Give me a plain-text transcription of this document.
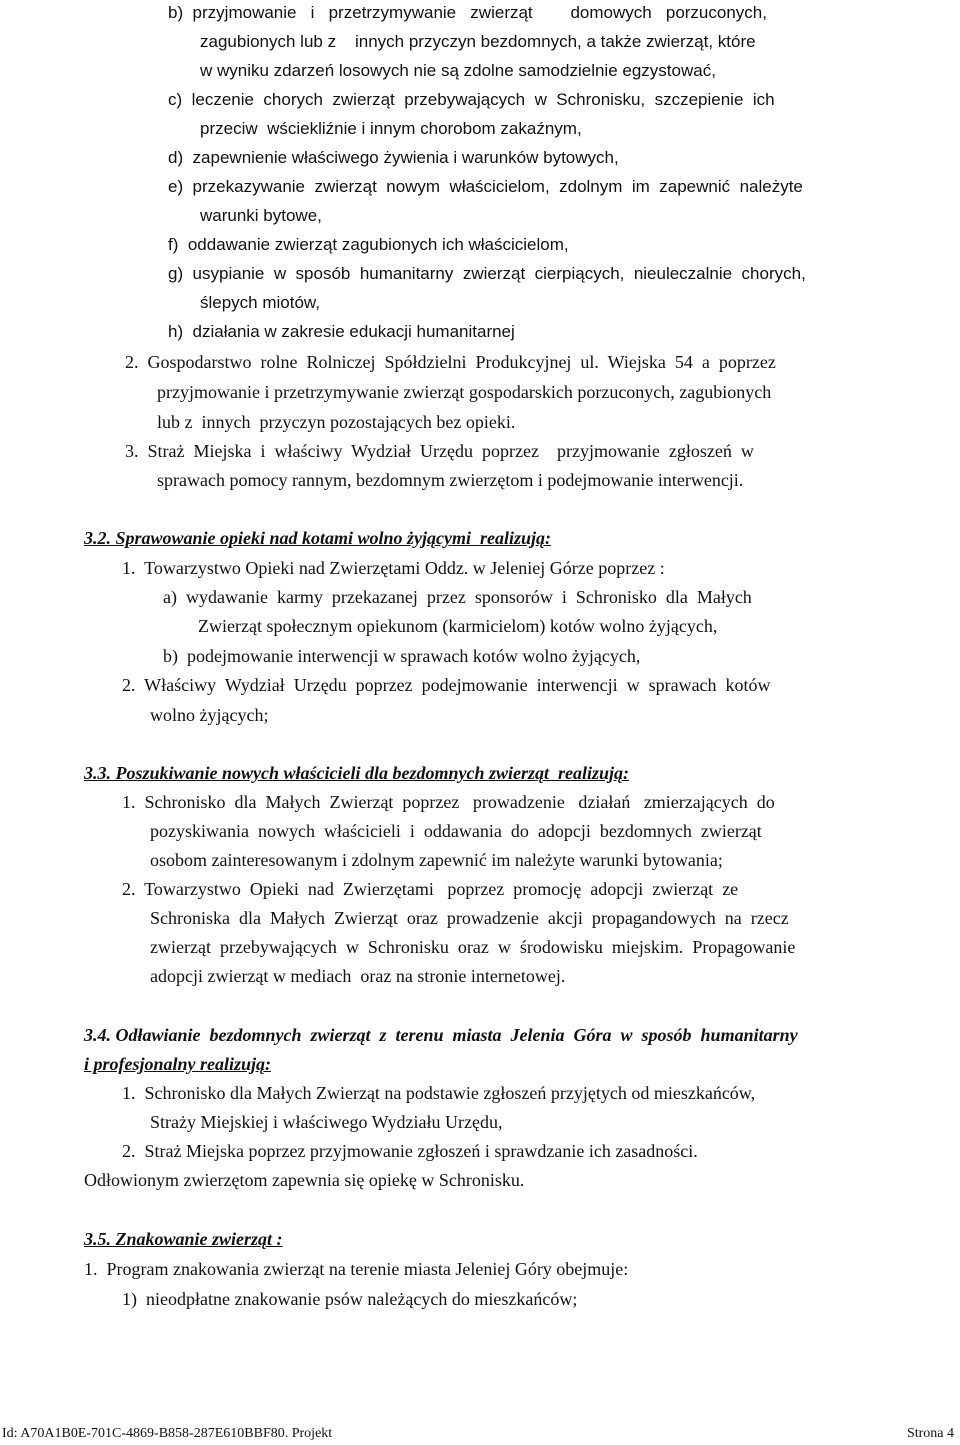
b)  przyjmowanie   i   przetrzymywanie   zwierząt        domowych   porzuconych,
zagubionych lub z    innych przyczyn bezdomnych, a także zwierząt, które
w wyniku zdarzeń losowych nie są zdolne samodzielnie egzystować,
c)  leczenie  chorych  zwierząt  przebywających  w  Schronisku,  szczepienie  ich
przeciw  wściekliźnie i innym chorobom zakaźnym,
d)  zapewnienie właściwego żywienia i warunków bytowych,
e)  przekazywanie  zwierząt  nowym  właścicielom,  zdolnym  im  zapewnić  należyte
warunki bytowe,
f)  oddawanie zwierząt zagubionych ich właścicielom,
g)  usypianie  w  sposób  humanitarny  zwierząt  cierpiących,  nieuleczalnie  chorych,
ślepych miotów,
h)  działania w zakresie edukacji humanitarnej
2.  Gospodarstwo  rolne  Rolniczej  Spółdzielni  Produkcyjnej  ul.  Wiejska  54  a  poprzez
przyjmowanie i przetrzymywanie zwierząt gospodarskich porzuconych, zagubionych
lub z  innych  przyczyn pozostających bez opieki.
3.  Straż  Miejska  i  właściwy  Wydział  Urzędu  poprzez    przyjmowanie  zgłoszeń  w
sprawach pomocy rannym, bezdomnym zwierzętom i podejmowanie interwencji.
3.2. Sprawowanie opieki nad kotami wolno żyjącymi  realizują:
1.  Towarzystwo Opieki nad Zwierzętami Oddz. w Jeleniej Górze poprzez :
a)  wydawanie  karmy  przekazanej  przez  sponsorów  i  Schronisko  dla  Małych
Zwierząt społecznym opiekunom (karmicielom) kotów wolno żyjących,
b)  podejmowanie interwencji w sprawach kotów wolno żyjących,
2.  Właściwy  Wydział  Urzędu  poprzez  podejmowanie  interwencji  w  sprawach  kotów
wolno żyjących;
3.3. Poszukiwanie nowych właścicieli dla bezdomnych zwierząt  realizują:
1.  Schronisko  dla  Małych  Zwierząt  poprzez   prowadzenie   działań   zmierzających  do
pozyskiwania  nowych  właścicieli  i  oddawania  do  adopcji  bezdomnych  zwierząt
osobom zainteresowanym i zdolnym zapewnić im należyte warunki bytowania;
2.  Towarzystwo  Opieki  nad  Zwierzętami   poprzez  promocję  adopcji  zwierząt  ze
Schroniska  dla  Małych  Zwierząt  oraz  prowadzenie  akcji  propagandowych  na  rzecz
zwierząt  przebywających  w  Schronisku  oraz  w  środowisku  miejskim.  Propagowanie
adopcji zwierząt w mediach  oraz na stronie internetowej.
3.4. Odławianie  bezdomnych  zwierząt  z  terenu  miasta  Jelenia  Góra  w  sposób  humanitarny
i profesjonalny realizują:
1.  Schronisko dla Małych Zwierząt na podstawie zgłoszeń przyjętych od mieszkańców,
Straży Miejskiej i właściwego Wydziału Urzędu,
2.  Straż Miejska poprzez przyjmowanie zgłoszeń i sprawdzanie ich zasadności.
Odłowionym zwierzętom zapewnia się opiekę w Schronisku.
3.5. Znakowanie zwierząt :
1.  Program znakowania zwierząt na terenie miasta Jeleniej Góry obejmuje:
1)  nieodpłatne znakowanie psów należących do mieszkańców;
Id: A70A1B0E-701C-4869-B858-287E610BBF80. Projekt	Strona 4
